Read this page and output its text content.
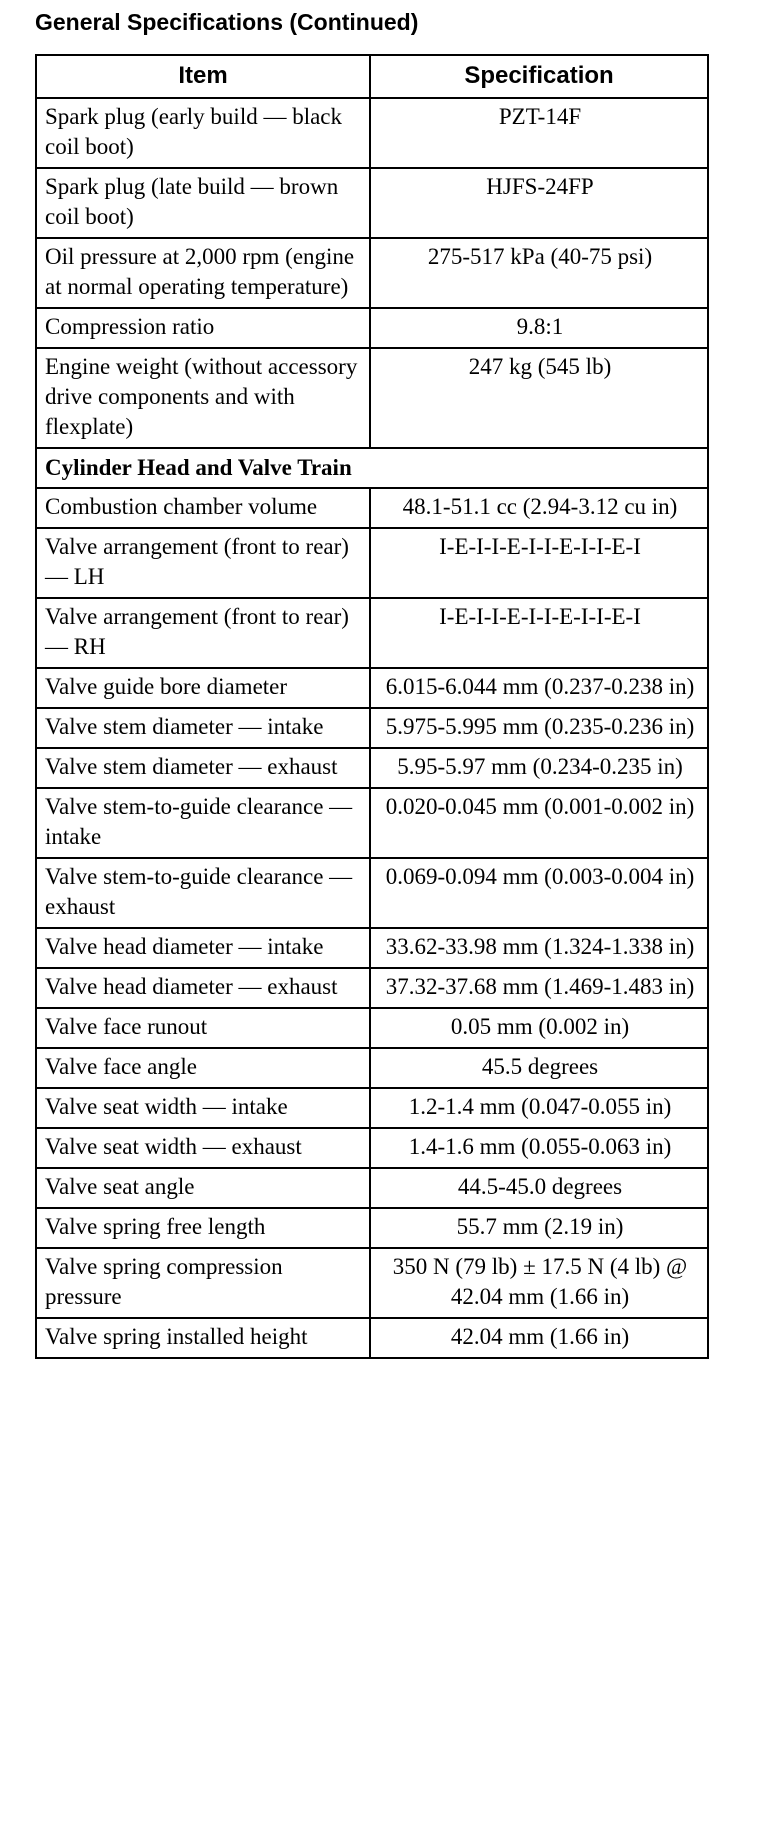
General Specifications (Continued)
Item	Specification
Spark plug (early build — black coil boot)	PZT-14F
Spark plug (late build — brown coil boot)	HJFS-24FP
Oil pressure at 2,000 rpm (engine at normal operating temperature)	275-517 kPa (40-75 psi)
Compression ratio	9.8:1
Engine weight (without accessory drive components and with flexplate)	247 kg (545 lb)
Cylinder Head and Valve Train	
Combustion chamber volume	48.1-51.1 cc (2.94-3.12 cu in)
Valve arrangement (front to rear) — LH	I-E-I-I-E-I-I-E-I-I-E-I
Valve arrangement (front to rear) — RH	I-E-I-I-E-I-I-E-I-I-E-I
Valve guide bore diameter	6.015-6.044 mm (0.237-0.238 in)
Valve stem diameter — intake	5.975-5.995 mm (0.235-0.236 in)
Valve stem diameter — exhaust	5.95-5.97 mm (0.234-0.235 in)
Valve stem-to-guide clearance — intake	0.020-0.045 mm (0.001-0.002 in)
Valve stem-to-guide clearance — exhaust	0.069-0.094 mm (0.003-0.004 in)
Valve head diameter — intake	33.62-33.98 mm (1.324-1.338 in)
Valve head diameter — exhaust	37.32-37.68 mm (1.469-1.483 in)
Valve face runout	0.05 mm (0.002 in)
Valve face angle	45.5 degrees
Valve seat width — intake	1.2-1.4 mm (0.047-0.055 in)
Valve seat width — exhaust	1.4-1.6 mm (0.055-0.063 in)
Valve seat angle	44.5-45.0 degrees
Valve spring free length	55.7 mm (2.19 in)
Valve spring compression pressure	350 N (79 lb) ± 17.5 N (4 lb) @ 42.04 mm (1.66 in)
Valve spring installed height	42.04 mm (1.66 in)
